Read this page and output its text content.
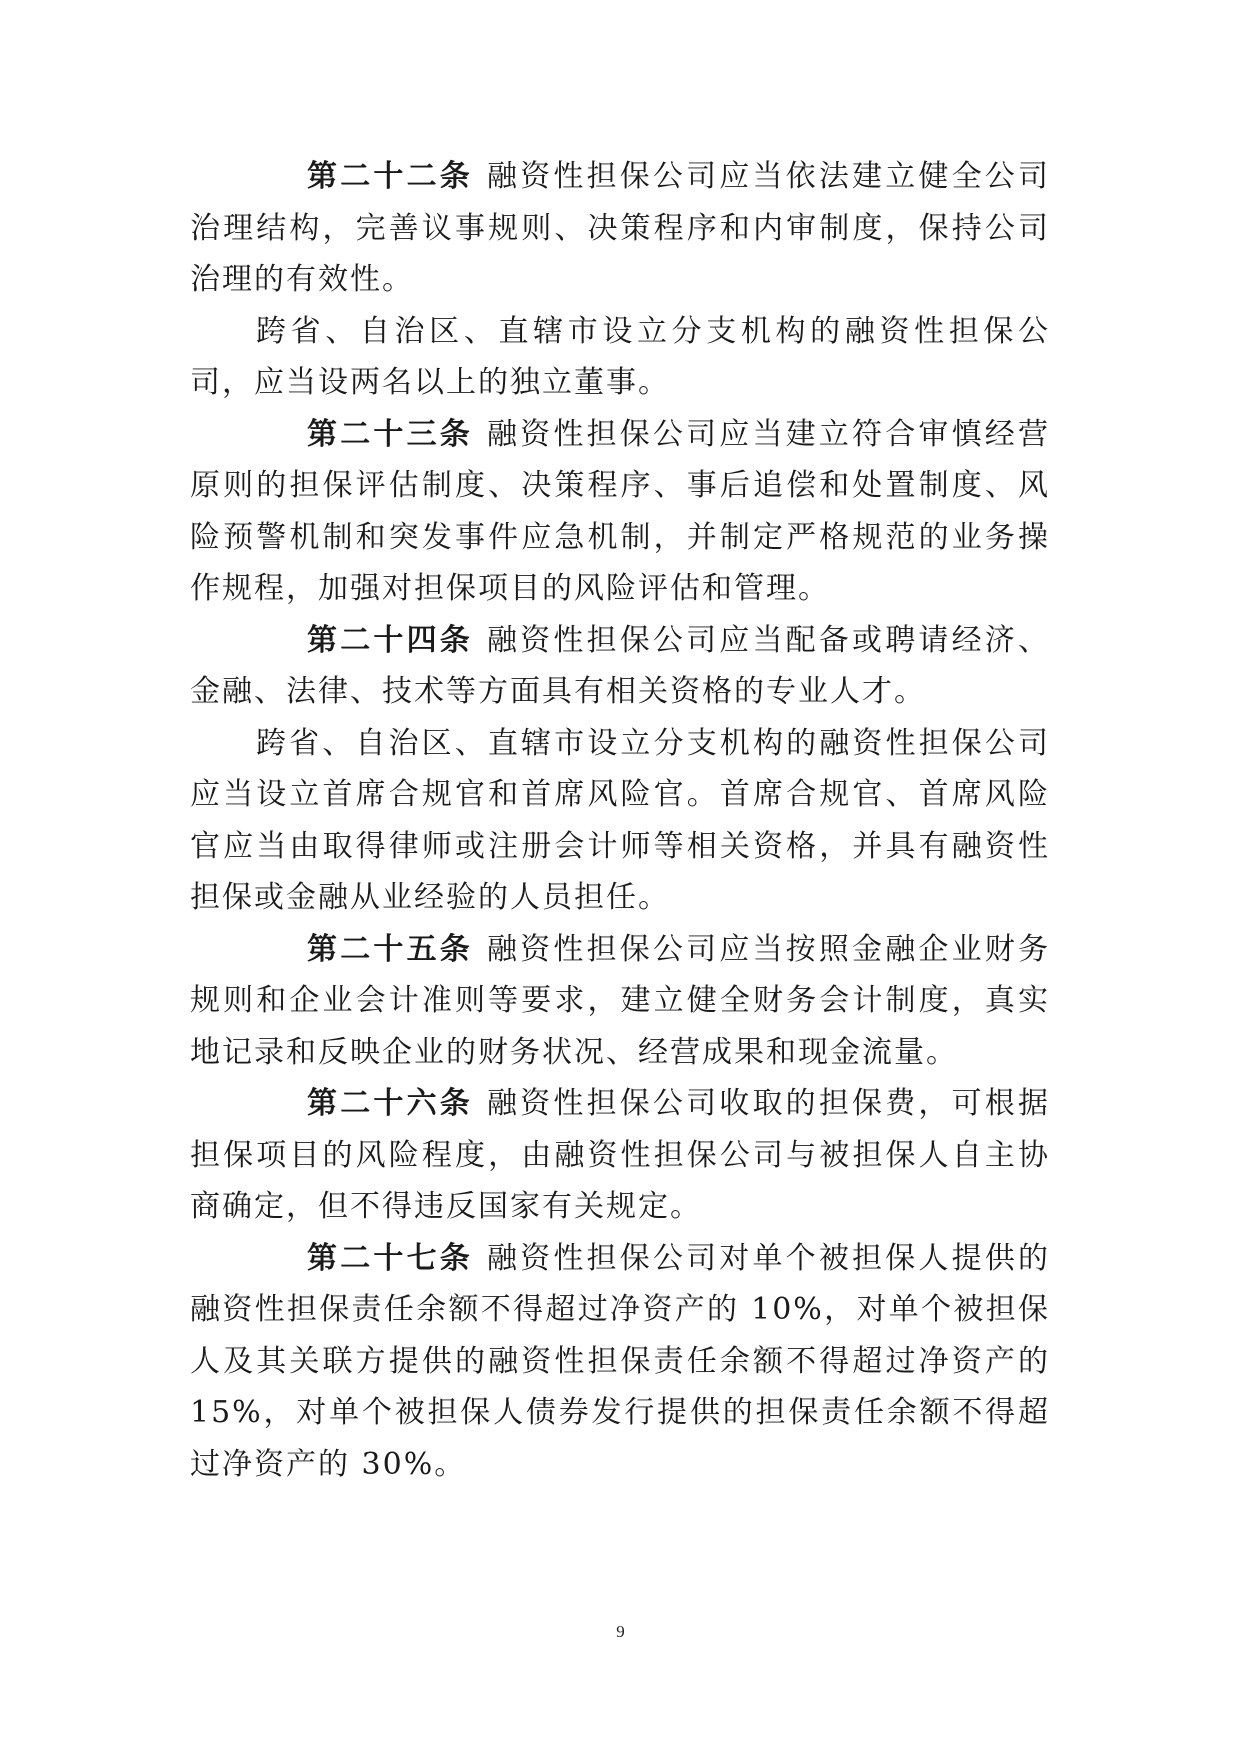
第二十二条 融资性担保公司应当依法建立健全公司治理结构，完善议事规则、决策程序和内审制度，保持公司治理的有效性。

跨省、自治区、直辖市设立分支机构的融资性担保公司，应当设两名以上的独立董事。

第二十三条 融资性担保公司应当建立符合审慎经营原则的担保评估制度、决策程序、事后追偿和处置制度、风险预警机制和突发事件应急机制，并制定严格规范的业务操作规程，加强对担保项目的风险评估和管理。

第二十四条 融资性担保公司应当配备或聘请经济、金融、法律、技术等方面具有相关资格的专业人才。

跨省、自治区、直辖市设立分支机构的融资性担保公司应当设立首席合规官和首席风险官。首席合规官、首席风险官应当由取得律师或注册会计师等相关资格，并具有融资性担保或金融从业经验的人员担任。

第二十五条 融资性担保公司应当按照金融企业财务规则和企业会计准则等要求，建立健全财务会计制度，真实地记录和反映企业的财务状况、经营成果和现金流量。

第二十六条 融资性担保公司收取的担保费，可根据担保项目的风险程度，由融资性担保公司与被担保人自主协商确定，但不得违反国家有关规定。

第二十七条 融资性担保公司对单个被担保人提供的融资性担保责任余额不得超过净资产的 10%，对单个被担保人及其关联方提供的融资性担保责任余额不得超过净资产的 15%，对单个被担保人债券发行提供的担保责任余额不得超过净资产的 30%。

9
